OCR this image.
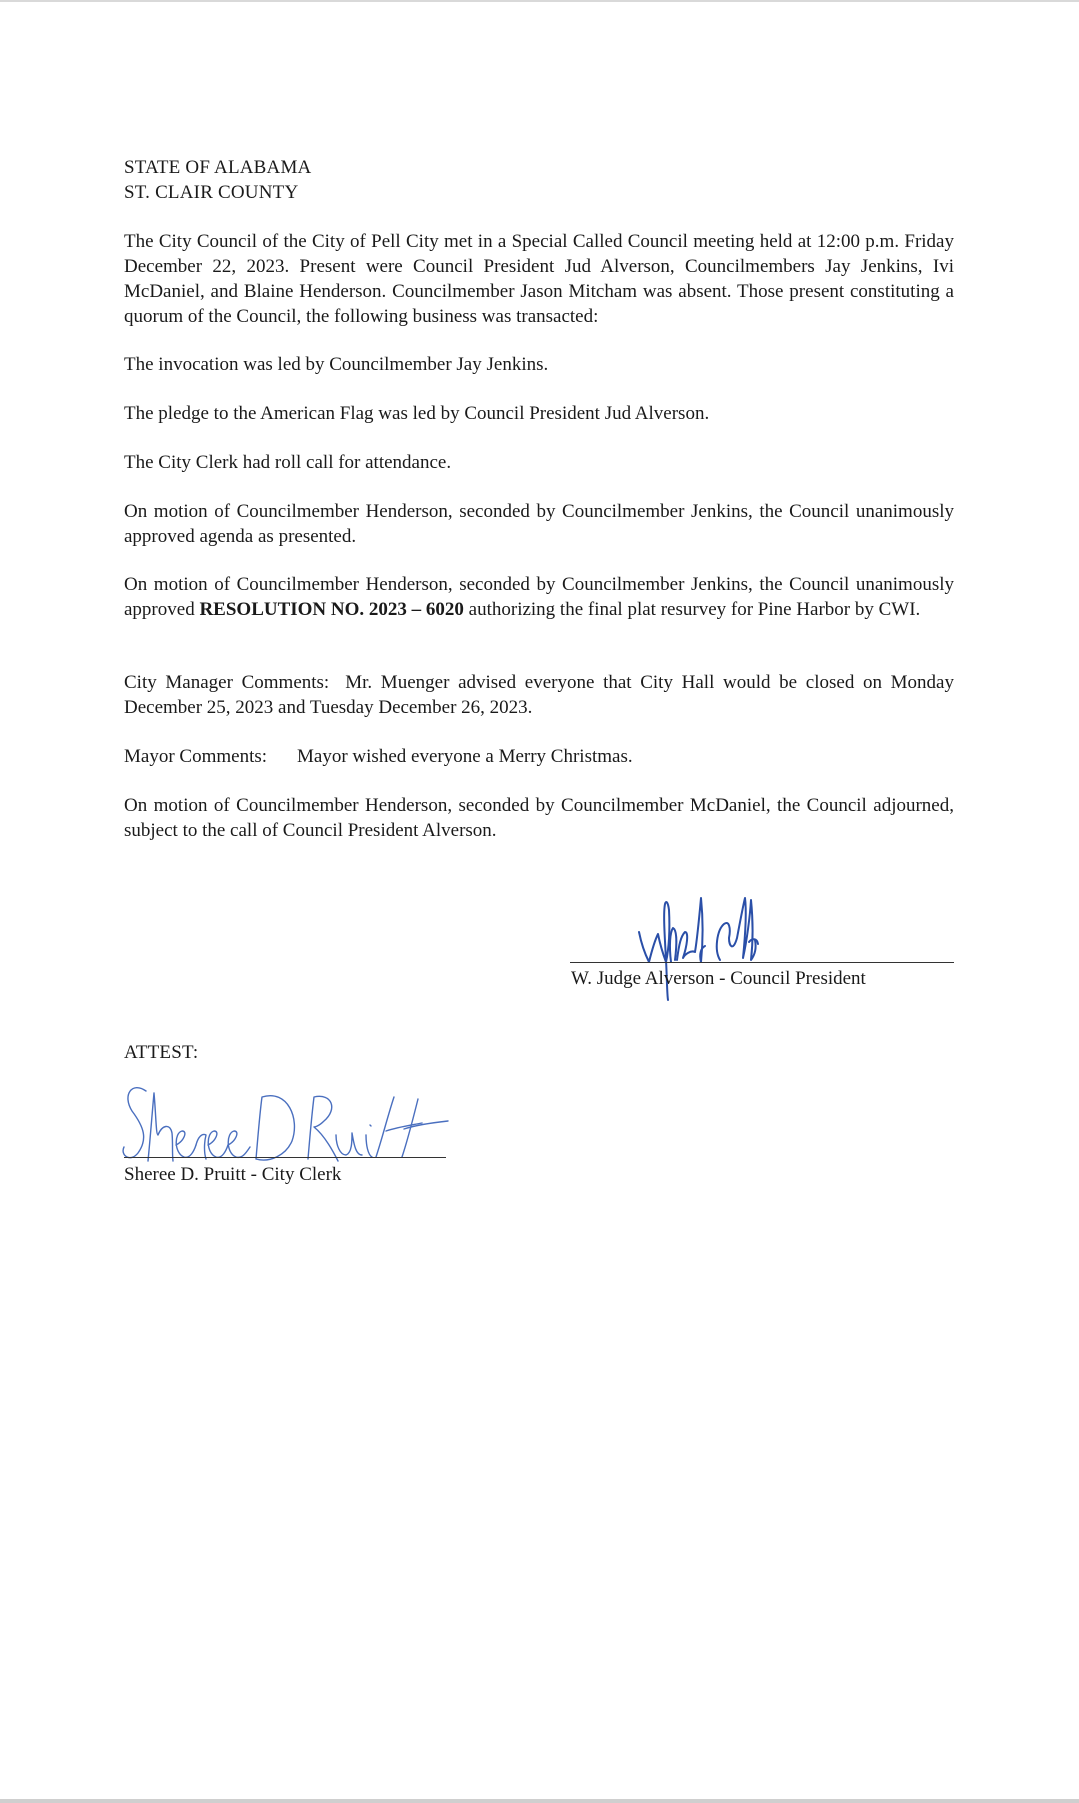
STATE OF ALABAMA
ST. CLAIR COUNTY

The City Council of the City of Pell City met in a Special Called Council meeting held at 12:00 p.m. Friday December 22, 2023. Present were Council President Jud Alverson, Councilmembers Jay Jenkins, Ivi McDaniel, and Blaine Henderson. Councilmember Jason Mitcham was absent. Those present constituting a quorum of the Council, the following business was transacted:

The invocation was led by Councilmember Jay Jenkins.

The pledge to the American Flag was led by Council President Jud Alverson.

The City Clerk had roll call for attendance.

On motion of Councilmember Henderson, seconded by Councilmember Jenkins, the Council unanimously approved agenda as presented.

On motion of Councilmember Henderson, seconded by Councilmember Jenkins, the Council unanimously approved RESOLUTION NO. 2023 – 6020 authorizing the final plat resurvey for Pine Harbor by CWI.

City Manager Comments: Mr. Muenger advised everyone that City Hall would be closed on Monday December 25, 2023 and Tuesday December 26, 2023.

Mayor Comments: Mayor wished everyone a Merry Christmas.

On motion of Councilmember Henderson, seconded by Councilmember McDaniel, the Council adjourned, subject to the call of Council President Alverson.

W. Judge Alverson - Council President
ATTEST:
Sheree D. Pruitt - City Clerk
